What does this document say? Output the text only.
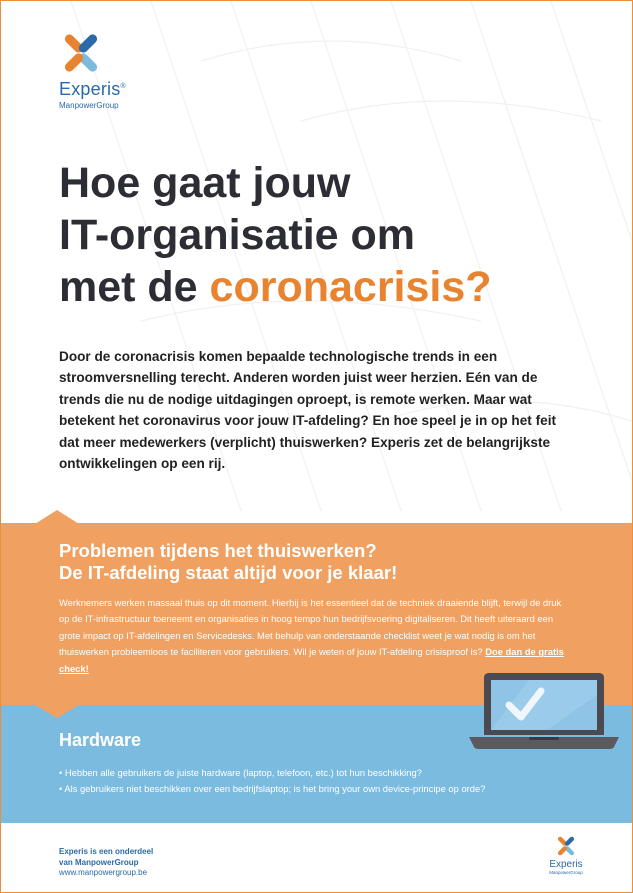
Experis®
ManpowerGroup
Hoe gaat jouw
IT-organisatie om
met de coronacrisis?

Door de coronacrisis komen bepaalde technologische trends in een stroomversnelling terecht. Anderen worden juist weer herzien. Eén van de trends die nu de nodige uitdagingen oproept, is remote werken. Maar wat betekent het coronavirus voor jouw IT-afdeling? En hoe speel je in op het feit dat meer medewerkers (verplicht) thuiswerken? Experis zet de belangrijkste ontwikkelingen op een rij.

Problemen tijdens het thuiswerken?
De IT-afdeling staat altijd voor je klaar!

Werknemers werken massaal thuis op dit moment. Hierbij is het essentieel dat de techniek draaiende blijft, terwijl de druk op de IT-infrastructuur toeneemt en organisaties in hoog tempo hun bedrijfsvoering digitaliseren. Dit heeft uiteraard een grote impact op IT-afdelingen en Servicedesks. Met behulp van onderstaande checklist weet je wat nodig is om het thuiswerken probleemloos te faciliteren voor gebruikers. Wil je weten of jouw IT-afdeling crisisproof is? Doe dan de gratis check!

Hardware
• Hebben alle gebruikers de juiste hardware (laptop, telefoon, etc.) tot hun beschikking?
• Als gebruikers niet beschikken over een bedrijfslaptop; is het bring your own device-principe op orde?
Experis is een onderdeel
van ManpowerGroup
www.manpowergroup.be
Experis
ManpowerGroup
